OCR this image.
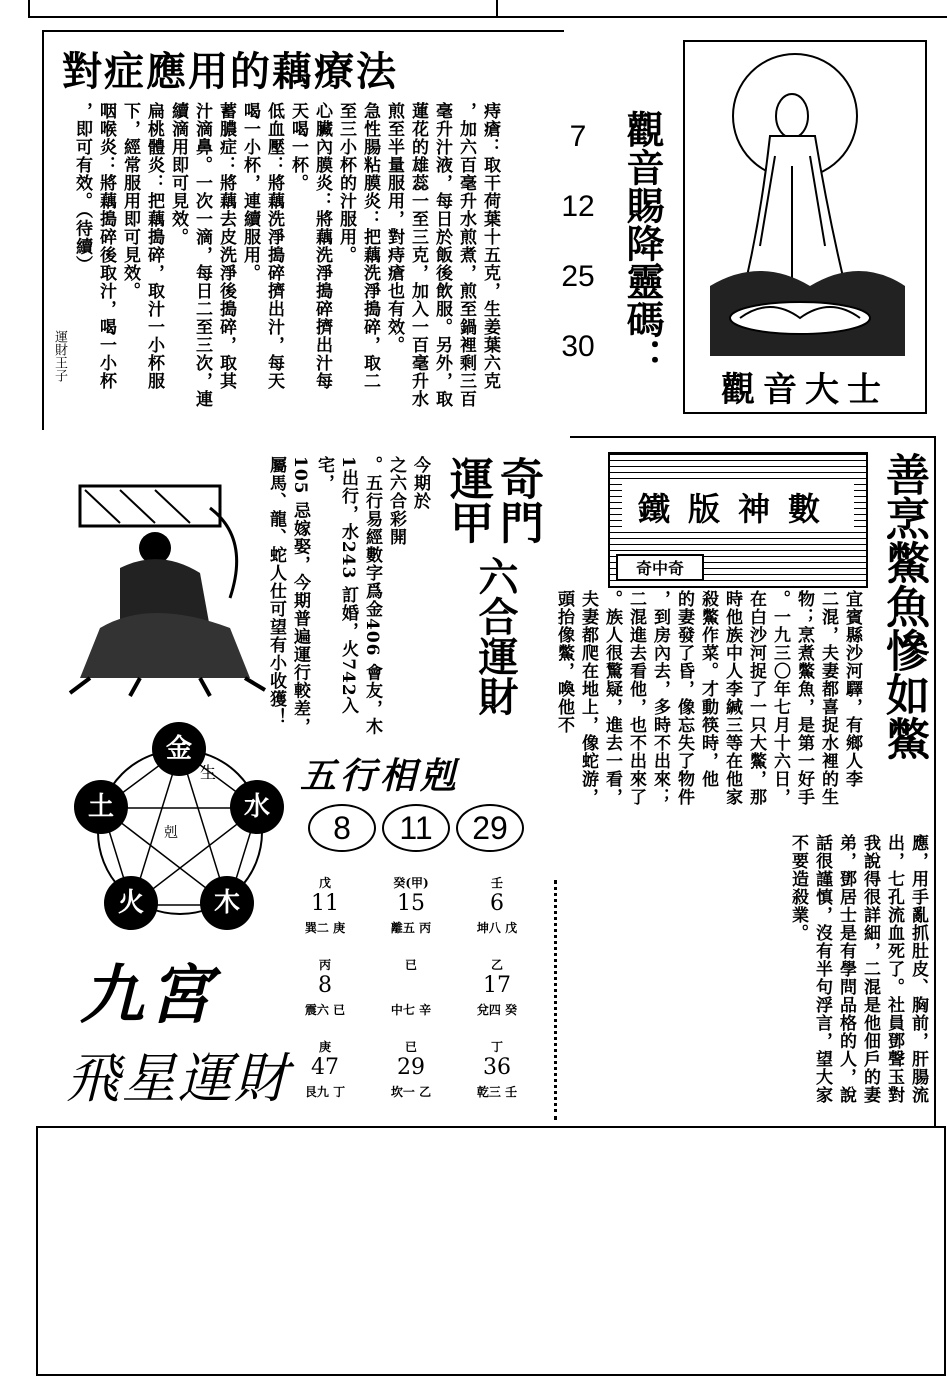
對症應用的藕療法
痔瘡：取干荷葉十五克，生姜葉六克
，加六百毫升水煎煮，煎至鍋裡剩三百
毫升汁液，每日於飯後飲服。另外，取
蓮花的雄蕊一至三克，加入一百毫升水
煎至半量服用，對痔瘡也有效。
急性腸粘膜炎：把藕洗淨搗碎，取二
至三小杯的汁服用。
心臟內膜炎：將藕洗淨搗碎擠出汁每
天喝一杯。
低血壓：將藕洗淨搗碎擠出汁，每天
喝一小杯，連續服用。
蓄膿症：將藕去皮洗淨後搗碎，取其
汁滴鼻。一次一滴，每日二至三次，連
續滴用即可見效。
扁桃體炎：把藕搗碎，取汁一小杯服
下，經常服用即可見效。
咽喉炎：將藕搗碎後取汁，喝一小杯
，即可有效。（待續）
運財王子
7
12
25
30 觀音賜降靈碼：
觀音大士
奇門
運甲
六合運財
今期於
之六合彩開
。五行易經數字爲金406 會友，木
1出行，水243 訂婚，火742入宅，
105 忌嫁娶，今期普遍運行較差，
屬馬、龍、蛇人仕可望有小收獲！
五行相剋
8	11	29
金
水
木
火
土
生
剋
九宮
飛星運財
戊
11
巽二 庚
癸(甲)
15
離五 丙
壬
6
坤八 戊
丙
8
震六 已
已
中七 辛
乙
17
兌四 癸
庚
47
艮九 丁
已
29
坎一 乙
丁
36
乾三 壬
善烹鱉魚慘如鱉
鐵版神數
奇中奇
宜賓縣沙河驛，有鄉人李
二混，夫妻都喜捉水裡的生
物；烹煮鱉魚，是第一好手
。一九三〇年七月十六日，
在白沙河捉了一只大鱉，那
時他族中人李緘三等在他家
殺鱉作菜。才動筷時，他
的妻發了昏，像忘失了物件
，到房內去，多時不出來；
二混進去看他，也不出來了
。族人很驚疑，進去一看，
夫妻都爬在地上，像蛇游，頭抬像鱉，喚他不
應，用手亂抓肚皮、胸前，肝腸流
出，七孔流血死了。社員鄧聲玉對
我說得很詳細，二混是他佃戶的妻
弟，鄧居士是有學問品格的人，說
話很謹慎，沒有半句浮言，望大家
不要造殺業。
